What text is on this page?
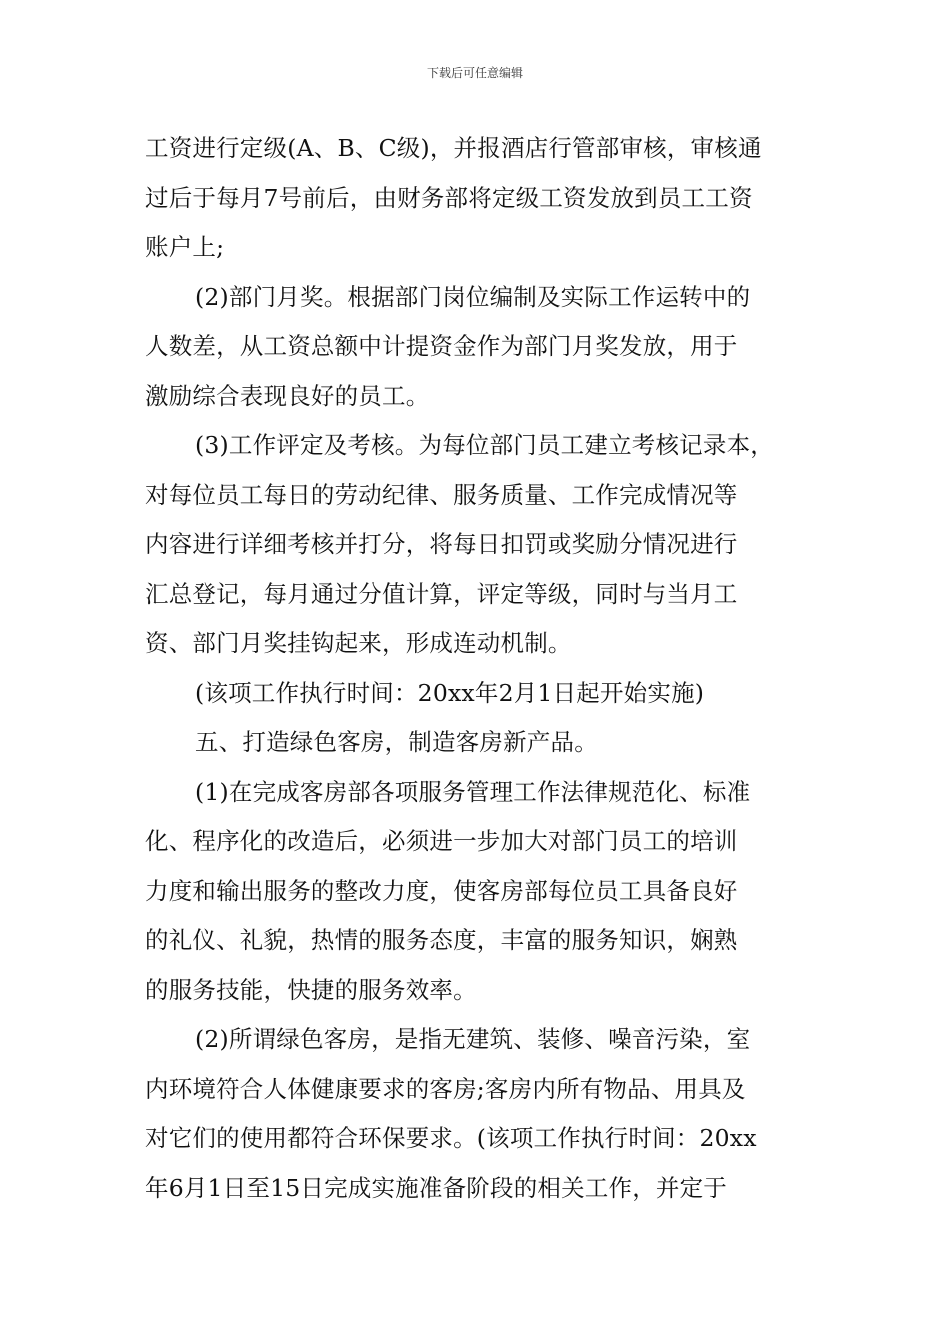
下载后可任意编辑
工资进行定级(A、B、C级)，并报酒店行管部审核，审核通
过后于每月7号前后，由财务部将定级工资发放到员工工资
账户上;
(2)部门月奖。根据部门岗位编制及实际工作运转中的
人数差，从工资总额中计提资金作为部门月奖发放，用于
激励综合表现良好的员工。
(3)工作评定及考核。为每位部门员工建立考核记录本，
对每位员工每日的劳动纪律、服务质量、工作完成情况等
内容进行详细考核并打分，将每日扣罚或奖励分情况进行
汇总登记，每月通过分值计算，评定等级，同时与当月工
资、部门月奖挂钩起来，形成连动机制。
(该项工作执行时间：20xx年2月1日起开始实施)
五、打造绿色客房，制造客房新产品。
(1)在完成客房部各项服务管理工作法律规范化、标准
化、程序化的改造后，必须进一步加大对部门员工的培训
力度和输出服务的整改力度，使客房部每位员工具备良好
的礼仪、礼貌，热情的服务态度，丰富的服务知识，娴熟
的服务技能，快捷的服务效率。
(2)所谓绿色客房，是指无建筑、装修、噪音污染，室
内环境符合人体健康要求的客房;客房内所有物品、用具及
对它们的使用都符合环保要求。(该项工作执行时间：20xx
年6月1日至15日完成实施准备阶段的相关工作，并定于
